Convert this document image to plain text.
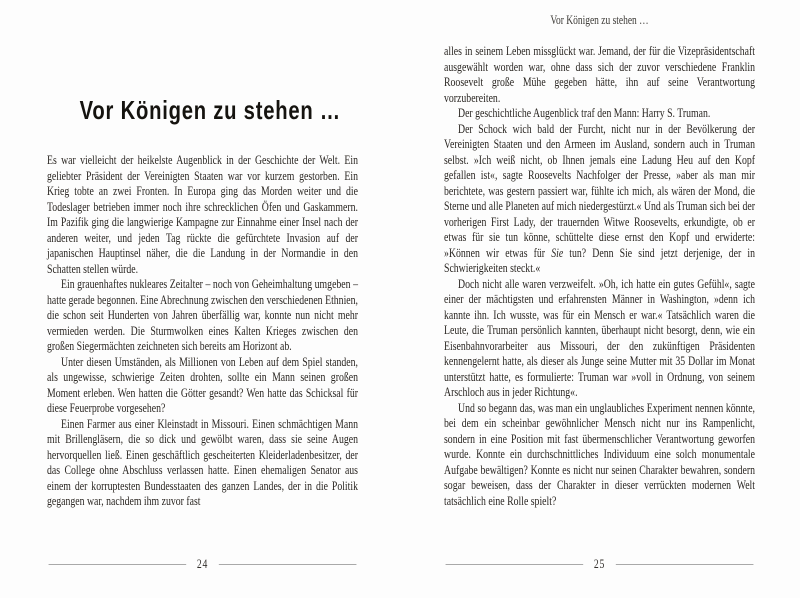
Vor Königen zu stehen …

Es war vielleicht der heikelste Augenblick in der Geschichte der Welt. Ein geliebter Präsident der Vereinigten Staaten war vor kurzem gestorben. Ein Krieg tobte an zwei Fronten. In Europa ging das Morden weiter und die Todeslager betrieben immer noch ihre schrecklichen Öfen und Gaskammern. Im Pazifik ging die langwierige Kampagne zur Einnahme einer Insel nach der anderen weiter, und jeden Tag rückte die gefürchtete Invasion auf der japanischen Hauptinsel näher, die die Landung in der Normandie in den Schatten stellen würde.

Ein grauenhaftes nukleares Zeitalter – noch von Geheimhaltung umgeben – hatte gerade begonnen. Eine Abrechnung zwischen den verschiedenen Ethnien, die schon seit Hunderten von Jahren überfällig war, konnte nun nicht mehr vermieden werden. Die Sturmwolken eines Kalten Krieges zwischen den großen Siegermächten zeichneten sich bereits am Horizont ab.

Unter diesen Umständen, als Millionen von Leben auf dem Spiel standen, als ungewisse, schwierige Zeiten drohten, sollte ein Mann seinen großen Moment erleben. Wen hatten die Götter gesandt? Wen hatte das Schicksal für diese Feuerprobe vorgesehen?

Einen Farmer aus einer Kleinstadt in Missouri. Einen schmächtigen Mann mit Brillengläsern, die so dick und gewölbt waren, dass sie seine Augen hervorquellen ließ. Einen geschäftlich gescheiterten Kleiderladenbesitzer, der das College ohne Abschluss verlassen hatte. Einen ehemaligen Senator aus einem der korruptesten Bundesstaaten des ganzen Landes, der in die Politik gegangen war, nachdem ihm zuvor fast

24
Vor Königen zu stehen …

alles in seinem Leben missglückt war. Jemand, der für die Vizepräsidentschaft ausgewählt worden war, ohne dass sich der zuvor verschiedene Franklin Roosevelt große Mühe gegeben hätte, ihn auf seine Verantwortung vorzubereiten.

Der geschichtliche Augenblick traf den Mann: Harry S. Truman.

Der Schock wich bald der Furcht, nicht nur in der Bevölkerung der Vereinigten Staaten und den Armeen im Ausland, sondern auch in Truman selbst. »Ich weiß nicht, ob Ihnen jemals eine Ladung Heu auf den Kopf gefallen ist«, sagte Roosevelts Nachfolger der Presse, »aber als man mir berichtete, was gestern passiert war, fühlte ich mich, als wären der Mond, die Sterne und alle Planeten auf mich niedergestürzt.« Und als Truman sich bei der vorherigen First Lady, der trauernden Witwe Roosevelts, erkundigte, ob er etwas für sie tun könne, schüttelte diese ernst den Kopf und erwiderte: »Können wir etwas für Sie tun? Denn Sie sind jetzt derjenige, der in Schwierigkeiten steckt.«

Doch nicht alle waren verzweifelt. »Oh, ich hatte ein gutes Gefühl«, sagte einer der mächtigsten und erfahrensten Männer in Washington, »denn ich kannte ihn. Ich wusste, was für ein Mensch er war.« Tatsächlich waren die Leute, die Truman persönlich kannten, überhaupt nicht besorgt, denn, wie ein Eisenbahnvorarbeiter aus Missouri, der den zukünftigen Präsidenten kennengelernt hatte, als dieser als Junge seine Mutter mit 35 Dollar im Monat unterstützt hatte, es formulierte: Truman war »voll in Ordnung, von seinem Arschloch aus in jeder Richtung«.

Und so begann das, was man ein unglaubliches Experiment nennen könnte, bei dem ein scheinbar gewöhnlicher Mensch nicht nur ins Rampenlicht, sondern in eine Position mit fast übermenschlicher Verantwortung geworfen wurde. Konnte ein durchschnittliches Individuum eine solch monumentale Aufgabe bewältigen? Konnte es nicht nur seinen Charakter bewahren, sondern sogar beweisen, dass der Charakter in dieser verrückten modernen Welt tatsächlich eine Rolle spielt?

25
